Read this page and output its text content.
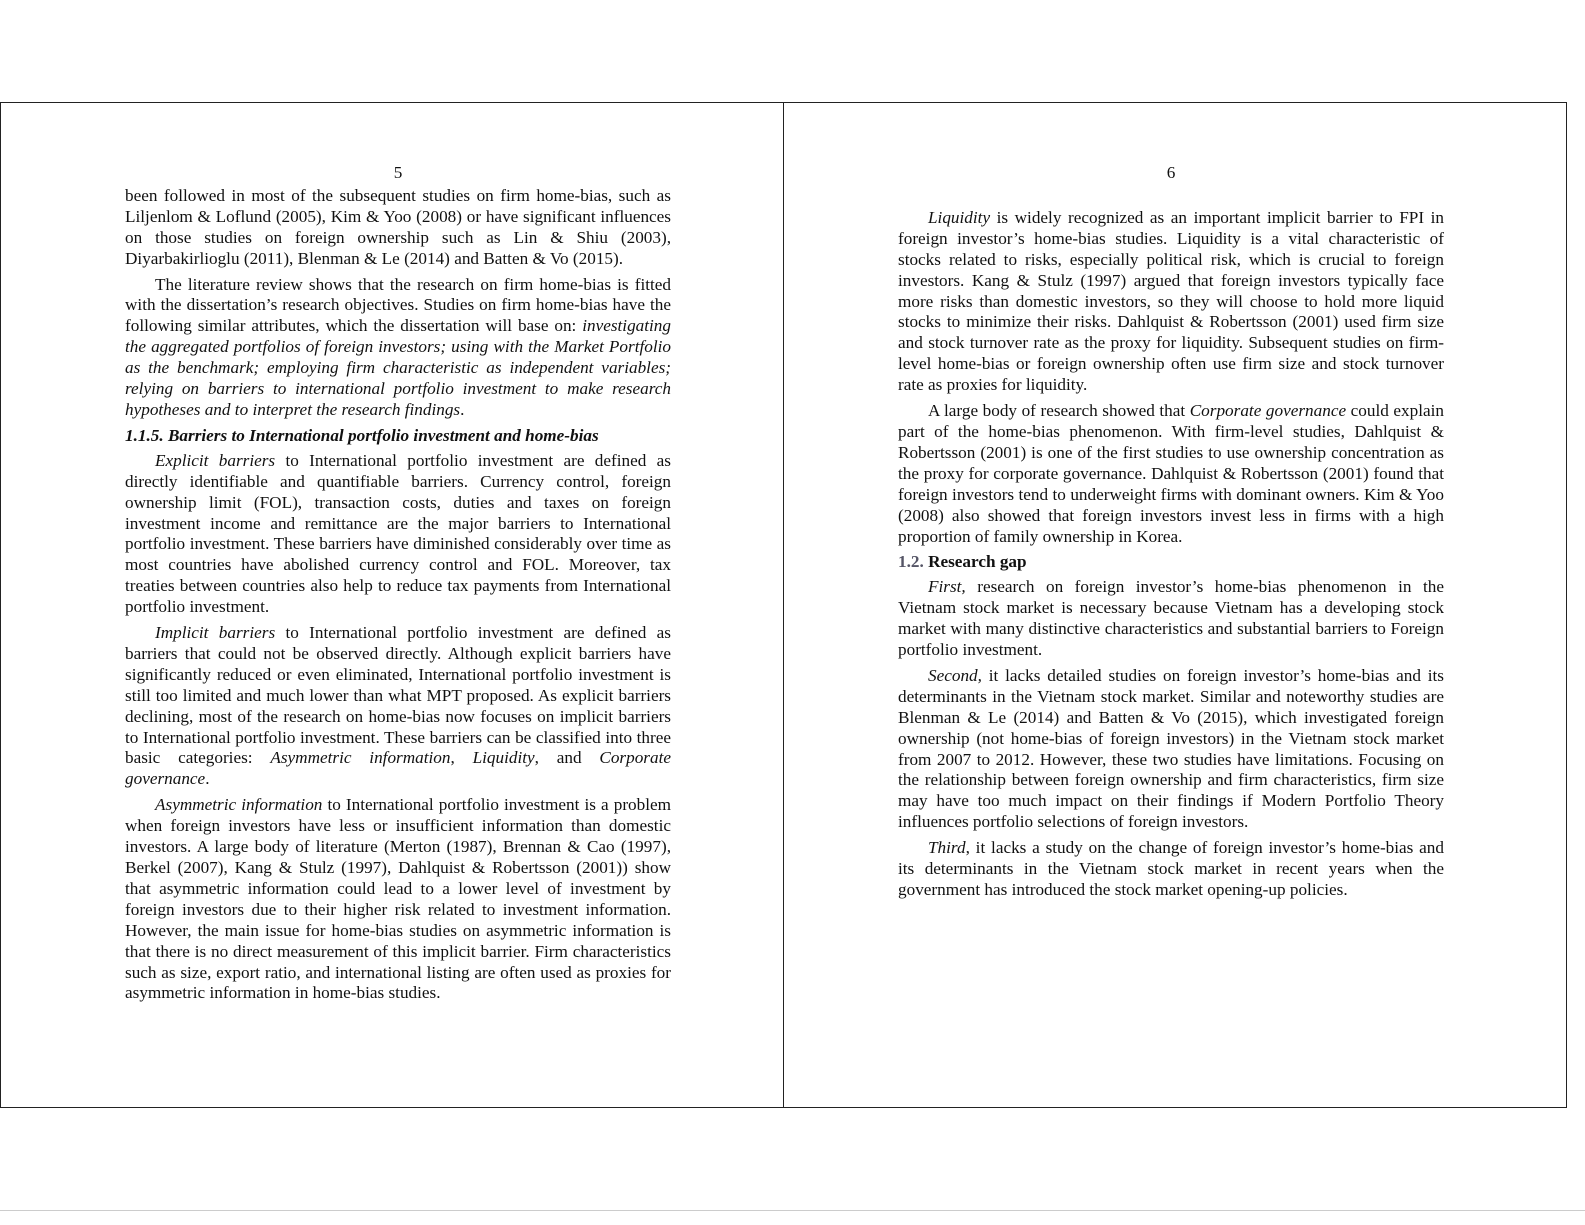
5

been followed in most of the subsequent studies on firm home-bias, such as Liljenlom & Loflund (2005), Kim & Yoo (2008) or have significant influences on those studies on foreign ownership such as Lin & Shiu (2003), Diyarbakirlioglu (2011), Blenman & Le (2014) and Batten & Vo (2015).

The literature review shows that the research on firm home-bias is fitted with the dissertation’s research objectives. Studies on firm home-bias have the following similar attributes, which the dissertation will base on: investigating the aggregated portfolios of foreign investors; using with the Market Portfolio as the benchmark; employing firm characteristic as independent variables; relying on barriers to international portfolio investment to make research hypotheses and to interpret the research findings.

1.1.5. Barriers to International portfolio investment and home-bias

Explicit barriers to International portfolio investment are defined as directly identifiable and quantifiable barriers. Currency control, foreign ownership limit (FOL), transaction costs, duties and taxes on foreign investment income and remittance are the major barriers to International portfolio investment. These barriers have diminished considerably over time as most countries have abolished currency control and FOL. Moreover, tax treaties between countries also help to reduce tax payments from International portfolio investment.

Implicit barriers to International portfolio investment are defined as barriers that could not be observed directly. Although explicit barriers have significantly reduced or even eliminated, International portfolio investment is still too limited and much lower than what MPT proposed. As explicit barriers declining, most of the research on home-bias now focuses on implicit barriers to International portfolio investment. These barriers can be classified into three basic categories: Asymmetric information, Liquidity, and Corporate governance.

Asymmetric information to International portfolio investment is a problem when foreign investors have less or insufficient information than domestic investors. A large body of literature (Merton (1987), Brennan & Cao (1997), Berkel (2007), Kang & Stulz (1997), Dahlquist & Robertsson (2001)) show that asymmetric information could lead to a lower level of investment by foreign investors due to their higher risk related to investment information. However, the main issue for home-bias studies on asymmetric information is that there is no direct measurement of this implicit barrier. Firm characteristics such as size, export ratio, and international listing are often used as proxies for asymmetric information in home-bias studies.

6

Liquidity is widely recognized as an important implicit barrier to FPI in foreign investor’s home-bias studies. Liquidity is a vital characteristic of stocks related to risks, especially political risk, which is crucial to foreign investors. Kang & Stulz (1997) argued that foreign investors typically face more risks than domestic investors, so they will choose to hold more liquid stocks to minimize their risks. Dahlquist & Robertsson (2001) used firm size and stock turnover rate as the proxy for liquidity. Subsequent studies on firm-level home-bias or foreign ownership often use firm size and stock turnover rate as proxies for liquidity.

A large body of research showed that Corporate governance could explain part of the home-bias phenomenon. With firm-level studies, Dahlquist & Robertsson (2001) is one of the first studies to use ownership concentration as the proxy for corporate governance. Dahlquist & Robertsson (2001) found that foreign investors tend to underweight firms with dominant owners. Kim & Yoo (2008) also showed that foreign investors invest less in firms with a high proportion of family ownership in Korea.

1.2. Research gap

First, research on foreign investor’s home-bias phenomenon in the Vietnam stock market is necessary because Vietnam has a developing stock market with many distinctive characteristics and substantial barriers to Foreign portfolio investment.

Second, it lacks detailed studies on foreign investor’s home-bias and its determinants in the Vietnam stock market. Similar and noteworthy studies are Blenman & Le (2014) and Batten & Vo (2015), which investigated foreign ownership (not home-bias of foreign investors) in the Vietnam stock market from 2007 to 2012. However, these two studies have limitations. Focusing on the relationship between foreign ownership and firm characteristics, firm size may have too much impact on their findings if Modern Portfolio Theory influences portfolio selections of foreign investors.

Third, it lacks a study on the change of foreign investor’s home-bias and its determinants in the Vietnam stock market in recent years when the government has introduced the stock market opening-up policies.
